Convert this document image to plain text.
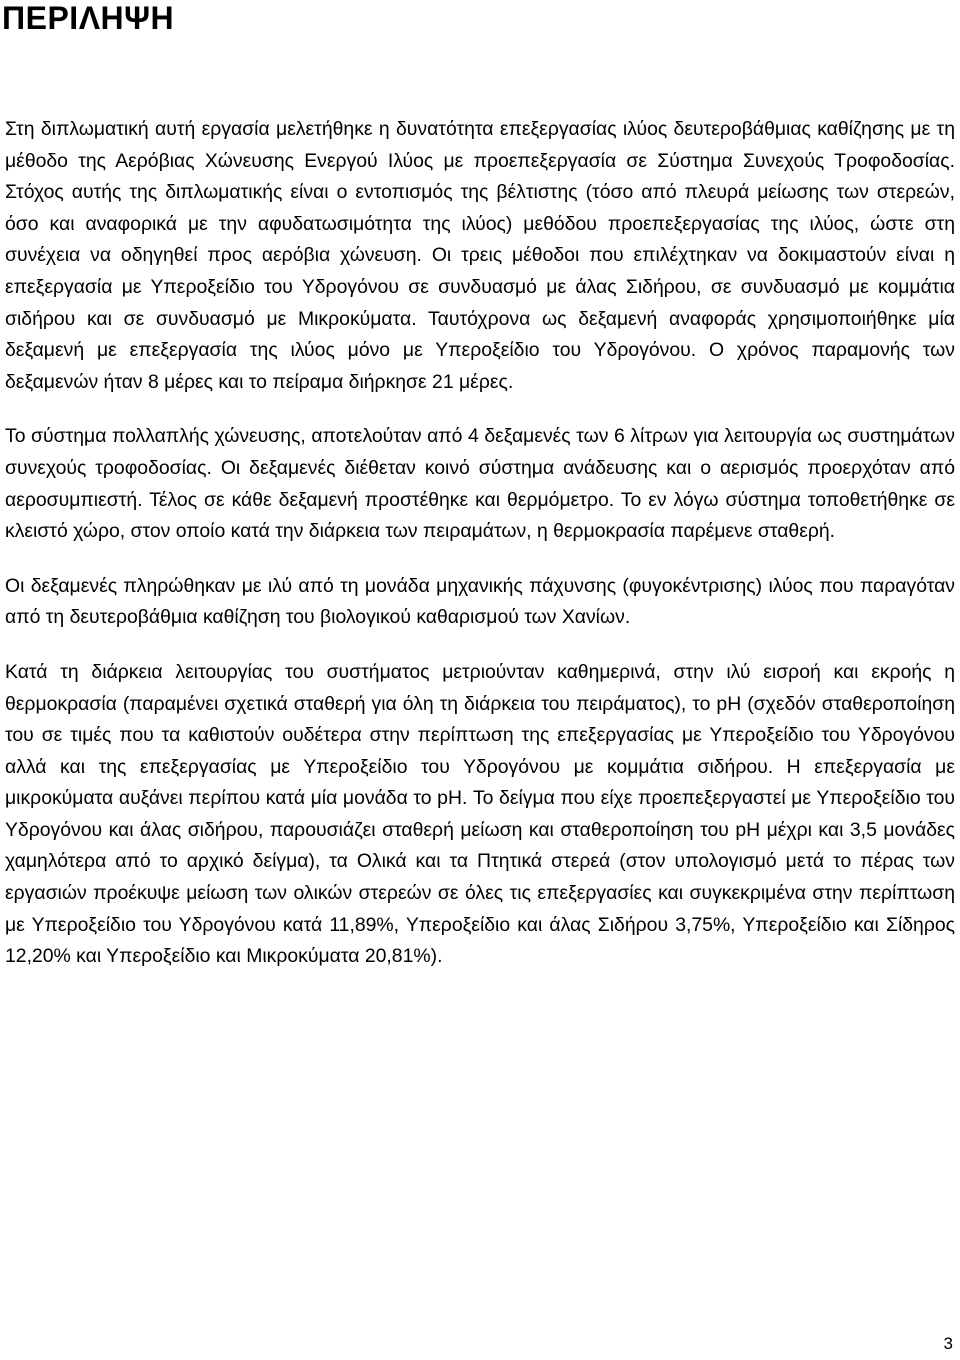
ΠΕΡΙΛΗΨΗ

Στη διπλωματική αυτή εργασία μελετήθηκε η δυνατότητα επεξεργασίας ιλύος δευτεροβάθμιας καθίζησης με τη μέθοδο της Αερόβιας Χώνευσης Ενεργού Ιλύος με προεπεξεργασία σε Σύστημα Συνεχούς Τροφοδοσίας. Στόχος αυτής της διπλωματικής είναι ο εντοπισμός της βέλτιστης (τόσο από πλευρά μείωσης των στερεών, όσο και αναφορικά με την αφυδατωσιμότητα της ιλύος) μεθόδου προεπεξεργασίας της ιλύος, ώστε στη συνέχεια να οδηγηθεί προς αερόβια χώνευση. Οι τρεις μέθοδοι που επιλέχτηκαν να δοκιμαστούν είναι η επεξεργασία με Υπεροξείδιο του Υδρογόνου σε συνδυασμό με άλας Σιδήρου, σε συνδυασμό με κομμάτια σιδήρου και σε συνδυασμό με Μικροκύματα. Ταυτόχρονα ως δεξαμενή αναφοράς χρησιμοποιήθηκε μία δεξαμενή με επεξεργασία της ιλύος μόνο με Υπεροξείδιο του Υδρογόνου. Ο χρόνος παραμονής των δεξαμενών ήταν 8 μέρες και το πείραμα διήρκησε 21 μέρες.

Το σύστημα πολλαπλής χώνευσης, αποτελούταν από 4 δεξαμενές των 6 λίτρων για λειτουργία ως συστημάτων συνεχούς τροφοδοσίας. Οι δεξαμενές διέθεταν κοινό σύστημα ανάδευσης και ο αερισμός προερχόταν από αεροσυμπιεστή. Τέλος σε κάθε δεξαμενή προστέθηκε και θερμόμετρο. Το εν λόγω σύστημα τοποθετήθηκε σε κλειστό χώρο, στον οποίο κατά την διάρκεια των πειραμάτων, η θερμοκρασία παρέμενε σταθερή.

Οι δεξαμενές πληρώθηκαν με ιλύ από τη μονάδα μηχανικής πάχυνσης (φυγοκέντρισης) ιλύος που παραγόταν από τη δευτεροβάθμια καθίζηση του βιολογικού καθαρισμού των Χανίων.

Κατά τη διάρκεια λειτουργίας του συστήματος μετριούνταν καθημερινά, στην ιλύ εισροή και εκροής η θερμοκρασία (παραμένει σχετικά σταθερή για όλη τη διάρκεια του πειράματος), το pH (σχεδόν σταθεροποίηση του σε τιμές που τα καθιστούν ουδέτερα στην περίπτωση της επεξεργασίας με Υπεροξείδιο του Υδρογόνου αλλά και της επεξεργασίας με Υπεροξείδιο του Υδρογόνου με κομμάτια σιδήρου. Η επεξεργασία με μικροκύματα αυξάνει περίπου κατά μία μονάδα το pH. Το δείγμα που είχε προεπεξεργαστεί με Υπεροξείδιο του Υδρογόνου και άλας σιδήρου, παρουσιάζει σταθερή μείωση και σταθεροποίηση του pH μέχρι και 3,5 μονάδες χαμηλότερα από το αρχικό δείγμα), τα Ολικά και τα Πτητικά στερεά (στον υπολογισμό μετά το πέρας των εργασιών προέκυψε μείωση των ολικών στερεών σε όλες τις επεξεργασίες και συγκεκριμένα στην περίπτωση με Υπεροξείδιο του Υδρογόνου κατά 11,89%, Υπεροξείδιο και άλας Σιδήρου 3,75%, Υπεροξείδιο και Σίδηρος 12,20% και Υπεροξείδιο και Μικροκύματα 20,81%).

3
